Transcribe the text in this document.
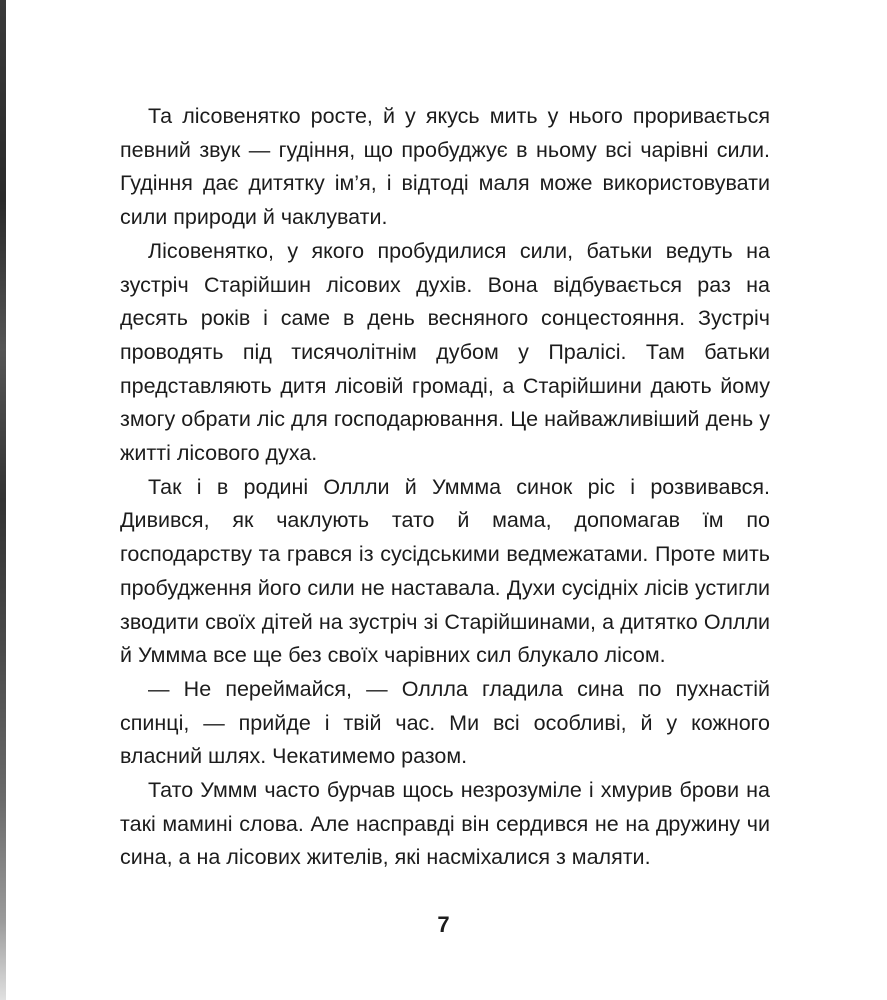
Та лісовенятко росте, й у якусь мить у нього проривається певний звук — гудіння, що пробуджує в ньому всі чарівні сили. Гудіння дає дитятку ім’я, і відтоді маля може використовувати сили природи й чаклувати.

Лісовенятко, у якого пробудилися сили, батьки ведуть на зустріч Старійшин лісових духів. Вона відбувається раз на десять років і саме в день весняного сонцестояння. Зустріч проводять під тисячолітнім дубом у Пралісі. Там батьки представляють дитя лісовій громаді, а Старійшини дають йому змогу обрати ліс для господарювання. Це найважливіший день у житті лісового духа.

Так і в родині Оллли й Уммма синок ріс і розвивався. Дивився, як чаклують тато й мама, допомагав їм по господарству та грався із сусідськими ведмежатами. Проте мить пробудження його сили не наставала. Духи сусідніх лісів устигли зводити своїх дітей на зустріч зі Старійшинами, а дитятко Оллли й Уммма все ще без своїх чарівних сил блукало лісом.

— Не переймайся, — Оллла гладила сина по пухнастій спинці, — прийде і твій час. Ми всі особливі, й у кожного власний шлях. Чекатимемо разом.

Тато Уммм часто бурчав щось незрозуміле і хмурив брови на такі мамині слова. Але насправді він сердився не на дружину чи сина, а на лісових жителів, які насміхалися з маляти.

7
